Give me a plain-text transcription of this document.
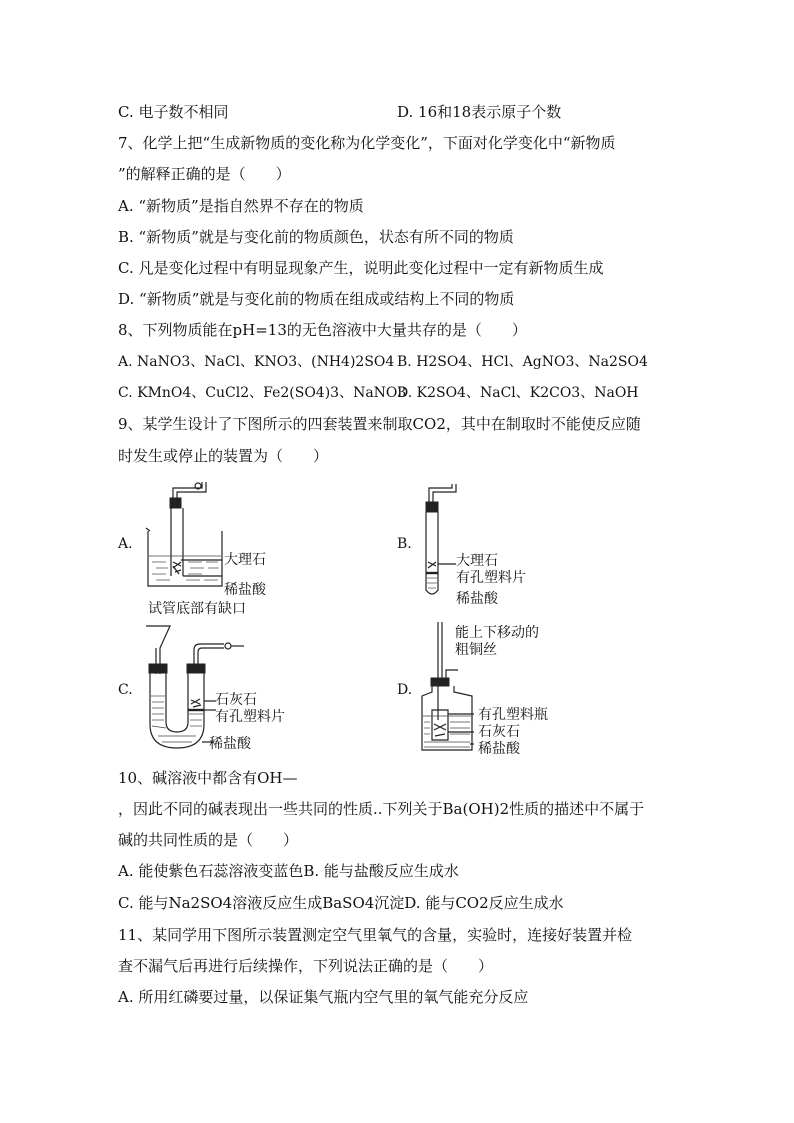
C. 电子数不相同	D. 16和18表示原子个数
7、化学上把“生成新物质的变化称为化学变化”，下面对化学变化中“新物质
”的解释正确的是（　　）
A. “新物质”是指自然界不存在的物质
B. “新物质”就是与变化前的物质颜色，状态有所不同的物质
C. 凡是变化过程中有明显现象产生，说明此变化过程中一定有新物质生成
D. “新物质”就是与变化前的物质在组成或结构上不同的物质
8、下列物质能在pH=13的无色溶液中大量共存的是（　　）
A. NaNO3、NaCl、KNO3、(NH4)2SO4 B. H2SO4、HCl、AgNO3、Na2SO4
C. KMnO4、CuCl2、Fe2(SO4)3、NaNO3
D. K2SO4、NaCl、K2CO3、NaOH
9、某学生设计了下图所示的四套装置来制取CO2，其中在制取时不能使反应随
时发生或停止的装置为（　　）
A.
大理石
稀盐酸
试管底部有缺口
B.
大理石
有孔塑料片
稀盐酸
C.
石灰石
有孔塑料片
稀盐酸
D.
能上下移动的
粗铜丝
有孔塑料瓶
石灰石
稀盐酸
10、碱溶液中都含有OH—
，因此不同的碱表现出一些共同的性质..下列关于Ba(OH)2性质的描述中不属于
碱的共同性质的是（　　）
A. 能使紫色石蕊溶液变蓝色B. 能与盐酸反应生成水
C. 能与Na2SO4溶液反应生成BaSO4沉淀D. 能与CO2反应生成水
11、某同学用下图所示装置测定空气里氧气的含量，实验时，连接好装置并检
查不漏气后再进行后续操作，下列说法正确的是（　　）
A. 所用红磷要过量，以保证集气瓶内空气里的氧气能充分反应
